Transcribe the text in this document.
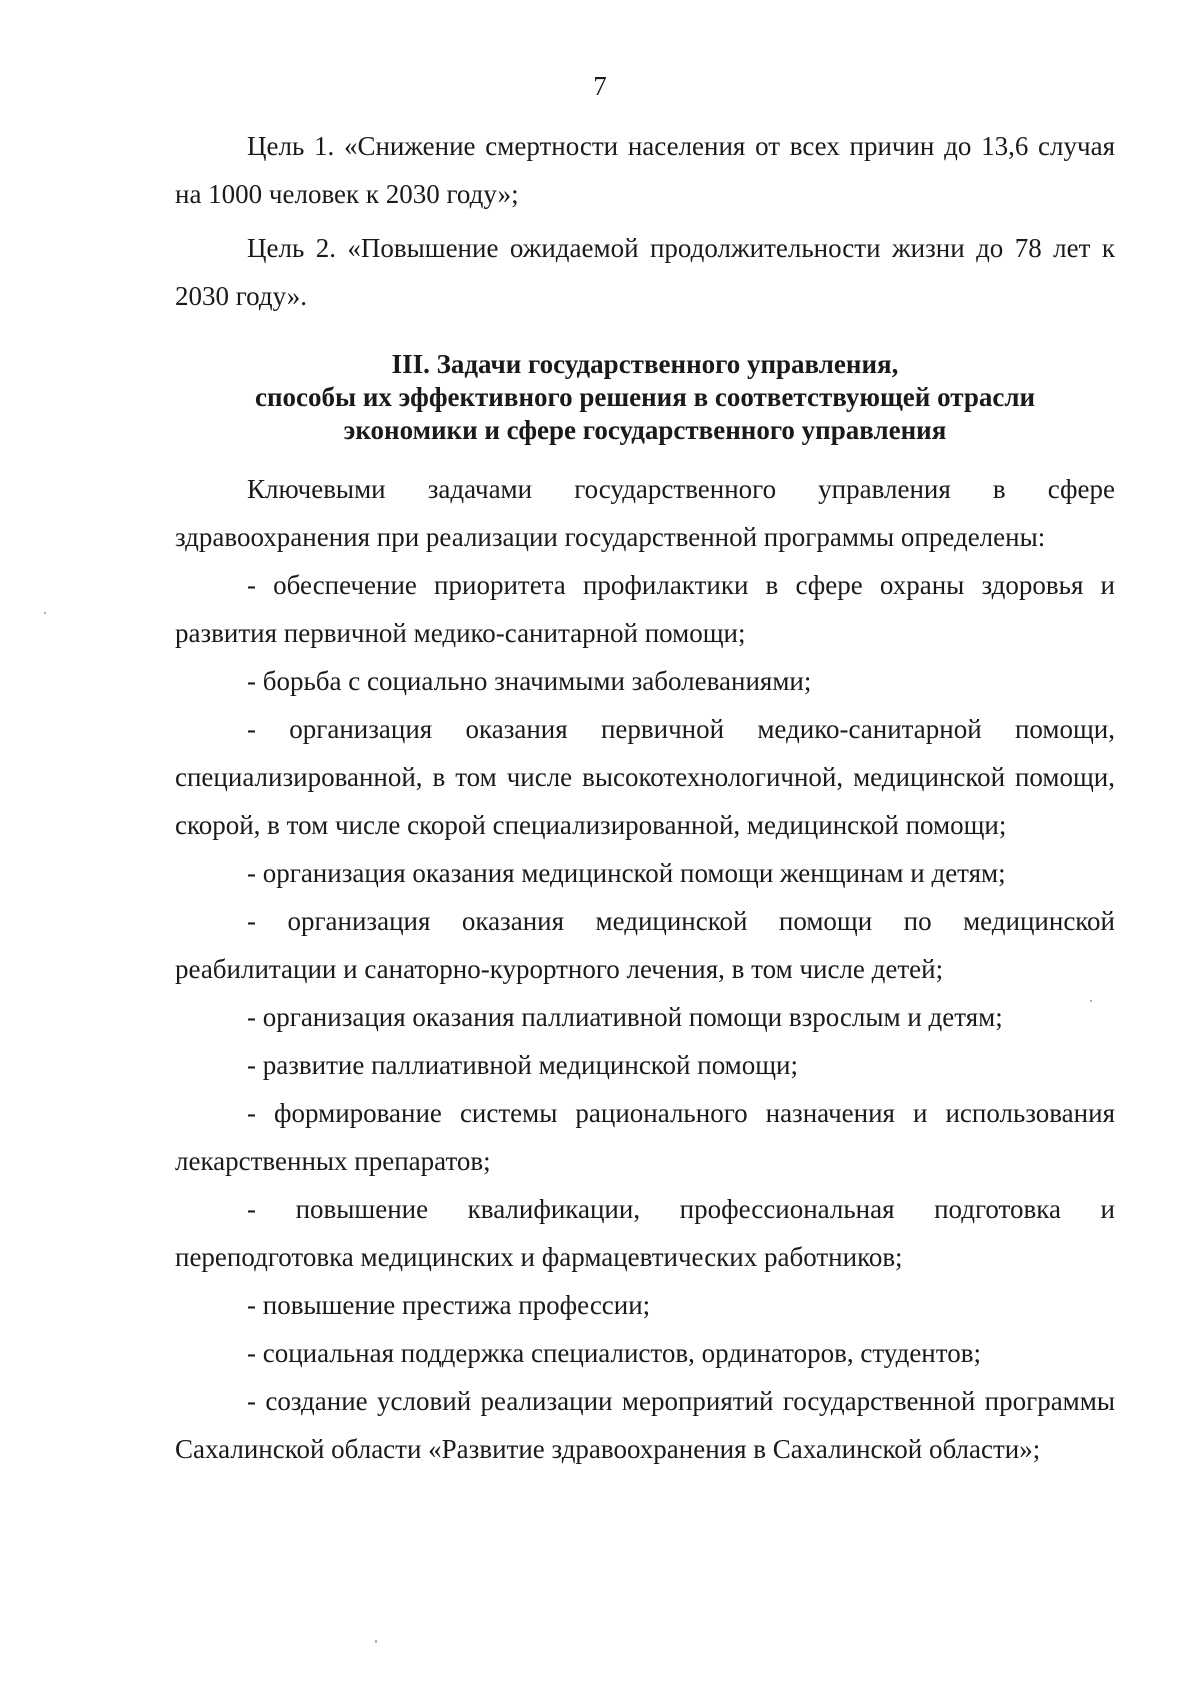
7

Цель 1. «Снижение смертности населения от всех причин до 13,6 случая на 1000 человек к 2030 году»;

Цель 2. «Повышение ожидаемой продолжительности жизни до 78 лет к 2030 году».

III. Задачи государственного управления,
способы их эффективного решения в соответствующей отрасли
экономики и сфере государственного управления

Ключевыми задачами государственного управления в сфере здравоохранения при реализации государственной программы определены:

- обеспечение приоритета профилактики в сфере охраны здоровья и развития первичной медико-санитарной помощи;

- борьба с социально значимыми заболеваниями;

- организация оказания первичной медико-санитарной помощи, специализированной, в том числе высокотехнологичной, медицинской помощи, скорой, в том числе скорой специализированной, медицинской помощи;

- организация оказания медицинской помощи женщинам и детям;

- организация оказания медицинской помощи по медицинской реабилитации и санаторно-курортного лечения, в том числе детей;

- организация оказания паллиативной помощи взрослым и детям;

- развитие паллиативной медицинской помощи;

- формирование системы рационального назначения и использования лекарственных препаратов;

- повышение квалификации, профессиональная подготовка и переподготовка медицинских и фармацевтических работников;

- повышение престижа профессии;

- социальная поддержка специалистов, ординаторов, студентов;

- создание условий реализации мероприятий государственной программы Сахалинской области «Развитие здравоохранения в Сахалинской области»;
